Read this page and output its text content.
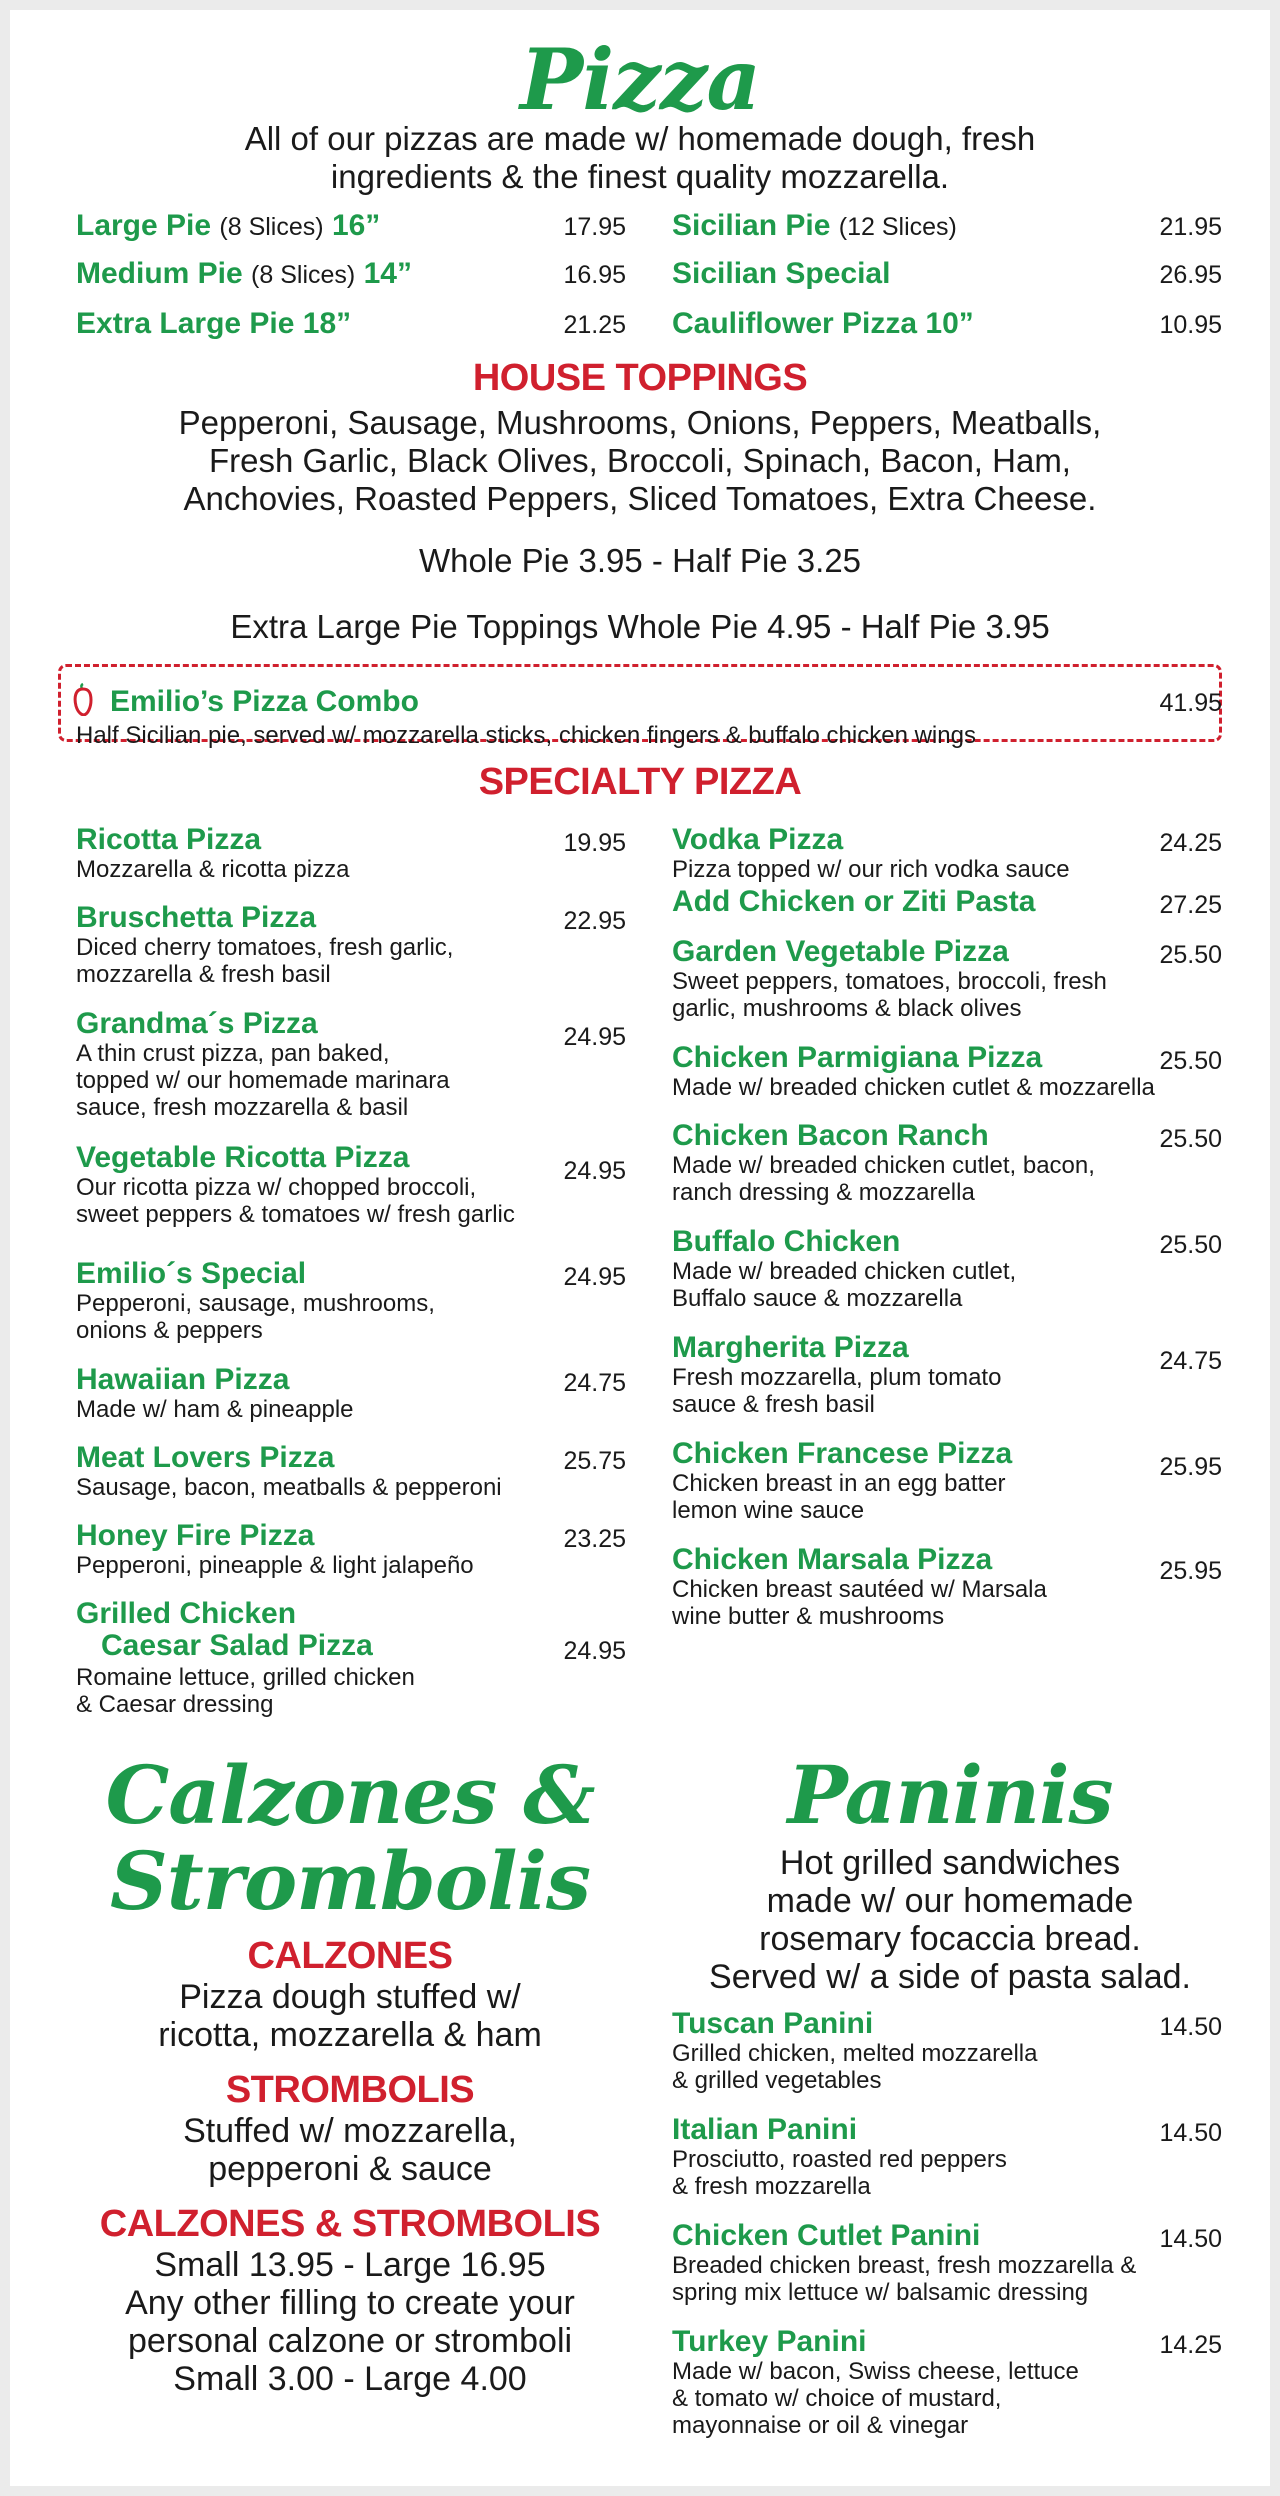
Pizza
All of our pizzas are made w/ homemade dough, fresh
ingredients & the finest quality mozzarella.
Large Pie (8 Slices) 16”	17.95
Medium Pie (8 Slices) 14”	16.95
Extra Large Pie 18”	21.25
Sicilian Pie (12 Slices)	21.95
Sicilian Special	26.95
Cauliflower Pizza 10”	10.95
HOUSE TOPPINGS
Pepperoni, Sausage, Mushrooms, Onions, Peppers, Meatballs,
Fresh Garlic, Black Olives, Broccoli, Spinach, Bacon, Ham,
Anchovies, Roasted Peppers, Sliced Tomatoes, Extra Cheese.
Whole Pie 3.95 - Half Pie 3.25
Extra Large Pie Toppings Whole Pie 4.95 - Half Pie 3.95
Emilio’s Pizza Combo	41.95
Half Sicilian pie, served w/ mozzarella sticks, chicken fingers & buffalo chicken wings
SPECIALTY PIZZA
Ricotta Pizza	19.95
Mozzarella & ricotta pizza
Bruschetta Pizza	22.95
Diced cherry tomatoes, fresh garlic,
mozzarella & fresh basil
Grandma´s Pizza	24.95
A thin crust pizza, pan baked,
topped w/ our homemade marinara
sauce, fresh mozzarella & basil
Vegetable Ricotta Pizza	24.95
Our ricotta pizza w/ chopped broccoli,
sweet peppers & tomatoes w/ fresh garlic
Emilio´s Special	24.95
Pepperoni, sausage, mushrooms,
onions & peppers
Hawaiian Pizza	24.75
Made w/ ham & pineapple
Meat Lovers Pizza	25.75
Sausage, bacon, meatballs & pepperoni
Honey Fire Pizza	23.25
Pepperoni, pineapple & light jalapeño
Grilled Chicken
Caesar Salad Pizza	24.95
Romaine lettuce, grilled chicken
& Caesar dressing
Vodka Pizza	24.25
Pizza topped w/ our rich vodka sauce
Add Chicken or Ziti Pasta	27.25
Garden Vegetable Pizza	25.50
Sweet peppers, tomatoes, broccoli, fresh
garlic, mushrooms & black olives
Chicken Parmigiana Pizza	25.50
Made w/ breaded chicken cutlet & mozzarella
Chicken Bacon Ranch	25.50
Made w/ breaded chicken cutlet, bacon,
ranch dressing & mozzarella
Buffalo Chicken	25.50
Made w/ breaded chicken cutlet,
Buffalo sauce & mozzarella
Margherita Pizza	24.75
Fresh mozzarella, plum tomato
sauce & fresh basil
Chicken Francese Pizza	25.95
Chicken breast in an egg batter
lemon wine sauce
Chicken Marsala Pizza	25.95
Chicken breast sautéed w/ Marsala
wine butter & mushrooms
Calzones &
Strombolis
CALZONES
Pizza dough stuffed w/
ricotta, mozzarella & ham
STROMBOLIS
Stuffed w/ mozzarella,
pepperoni & sauce
CALZONES & STROMBOLIS
Small 13.95 - Large 16.95
Any other filling to create your
personal calzone or stromboli
Small 3.00 - Large 4.00
Paninis
Hot grilled sandwiches
made w/ our homemade
rosemary focaccia bread.
Served w/ a side of pasta salad.
Tuscan Panini	14.50
Grilled chicken, melted mozzarella
& grilled vegetables
Italian Panini	14.50
Prosciutto, roasted red peppers
& fresh mozzarella
Chicken Cutlet Panini	14.50
Breaded chicken breast, fresh mozzarella &
spring mix lettuce w/ balsamic dressing
Turkey Panini	14.25
Made w/ bacon, Swiss cheese, lettuce
& tomato w/ choice of mustard,
mayonnaise or oil & vinegar
